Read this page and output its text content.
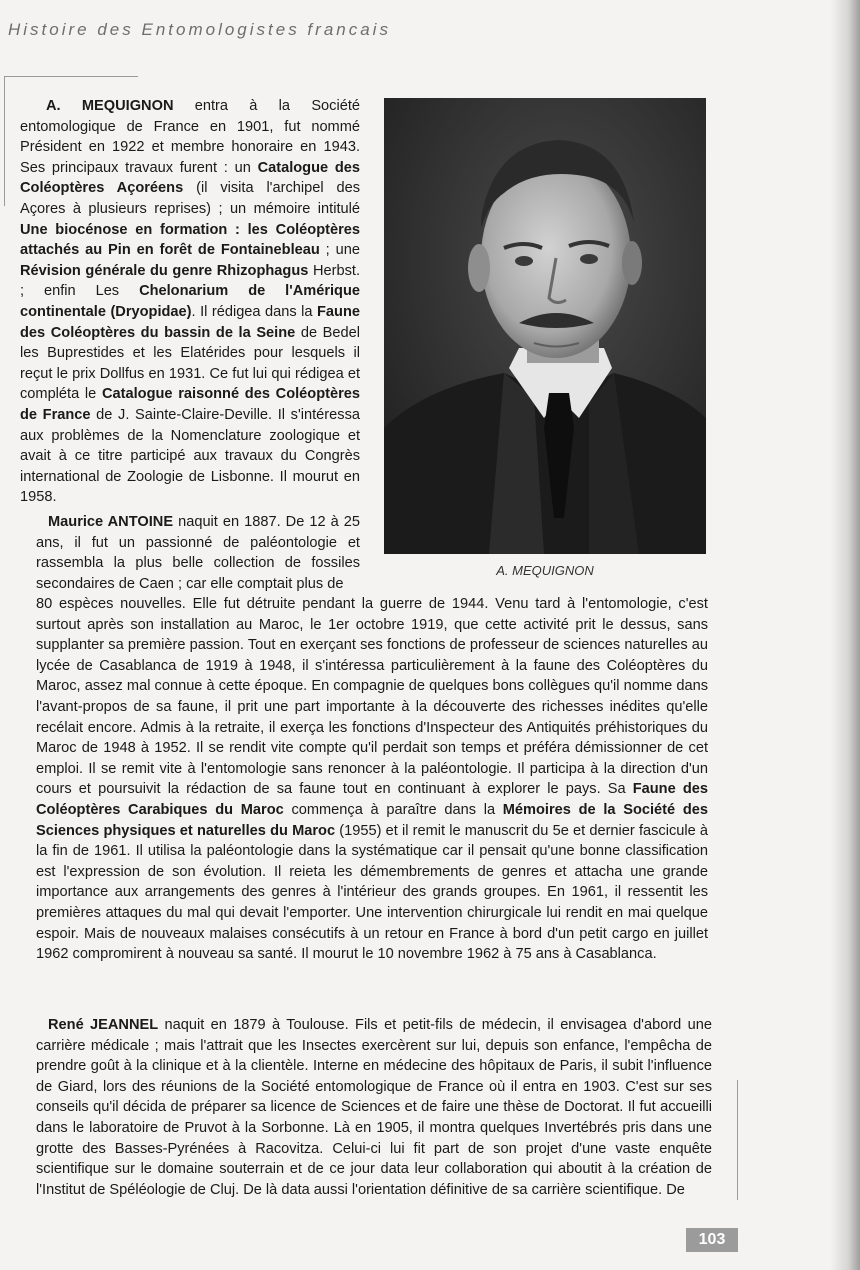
Histoire des Entomologistes francais

A. MEQUIGNON entra à la Société entomologique de France en 1901, fut nommé Président en 1922 et membre honoraire en 1943. Ses principaux travaux furent : un Catalogue des Coléoptères Açoréens (il visita l'archipel des Açores à plusieurs reprises) ; un mémoire intitulé Une biocénose en formation : les Coléoptères attachés au Pin en forêt de Fontainebleau ; une Révision générale du genre Rhizophagus Herbst. ; enfin Les Chelonarium de l'Amérique continentale (Dryopidae). Il rédigea dans la Faune des Coléoptères du bassin de la Seine de Bedel les Buprestides et les Elatérides pour lesquels il reçut le prix Dollfus en 1931. Ce fut lui qui rédigea et compléta le Catalogue raisonné des Coléoptères de France de J. Sainte-Claire-Deville. Il s'intéressa aux problèmes de la Nomenclature zoologique et avait à ce titre participé aux travaux du Congrès international de Zoologie de Lisbonne. Il mourut en 1958.

A. MEQUIGNON

Maurice ANTOINE naquit en 1887. De 12 à 25 ans, il fut un passionné de paléontologie et rassembla la plus belle collection de fossiles secondaires de Caen ; car elle comptait plus de

80 espèces nouvelles. Elle fut détruite pendant la guerre de 1944. Venu tard à l'entomologie, c'est surtout après son installation au Maroc, le 1er octobre 1919, que cette activité prit le dessus, sans supplanter sa première passion. Tout en exerçant ses fonctions de professeur de sciences naturelles au lycée de Casablanca de 1919 à 1948, il s'intéressa particulièrement à la faune des Coléoptères du Maroc, assez mal connue à cette époque. En compagnie de quelques bons collègues qu'il nomme dans l'avant-propos de sa faune, il prit une part importante à la découverte des richesses inédites qu'elle recélait encore. Admis à la retraite, il exerça les fonctions d'Inspecteur des Antiquités préhistoriques du Maroc de 1948 à 1952. Il se rendit vite compte qu'il perdait son temps et préféra démissionner de cet emploi. Il se remit vite à l'entomologie sans renoncer à la paléontologie. Il participa à la direction d'un cours et poursuivit la rédaction de sa faune tout en continuant à explorer le pays. Sa Faune des Coléoptères Carabiques du Maroc commença à paraître dans la Mémoires de la Société des Sciences physiques et naturelles du Maroc (1955) et il remit le manuscrit du 5e et dernier fascicule à la fin de 1961. Il utilisa la paléontologie dans la systématique car il pensait qu'une bonne classification est l'expression de son évolution. Il reieta les démembrements de genres et attacha une grande importance aux arrangements des genres à l'intérieur des grands groupes. En 1961, il ressentit les premières attaques du mal qui devait l'emporter. Une intervention chirurgicale lui rendit en mai quelque espoir. Mais de nouveaux malaises consécutifs à un retour en France à bord d'un petit cargo en juillet 1962 compromirent à nouveau sa santé. Il mourut le 10 novembre 1962 à 75 ans à Casablanca.

René JEANNEL naquit en 1879 à Toulouse. Fils et petit-fils de médecin, il envisagea d'abord une carrière médicale ; mais l'attrait que les Insectes exercèrent sur lui, depuis son enfance, l'empêcha de prendre goût à la clinique et à la clientèle. Interne en médecine des hôpitaux de Paris, il subit l'influence de Giard, lors des réunions de la Société entomologique de France où il entra en 1903. C'est sur ses conseils qu'il décida de préparer sa licence de Sciences et de faire une thèse de Doctorat. Il fut accueilli dans le laboratoire de Pruvot à la Sorbonne. Là en 1905, il montra quelques Invertébrés pris dans une grotte des Basses-Pyrénées à Racovitza. Celui-ci lui fit part de son projet d'une vaste enquête scientifique sur le domaine souterrain et de ce jour data leur collaboration qui aboutit à la création de l'Institut de Spéléologie de Cluj. De là data aussi l'orientation définitive de sa carrière scientifique. De

103
